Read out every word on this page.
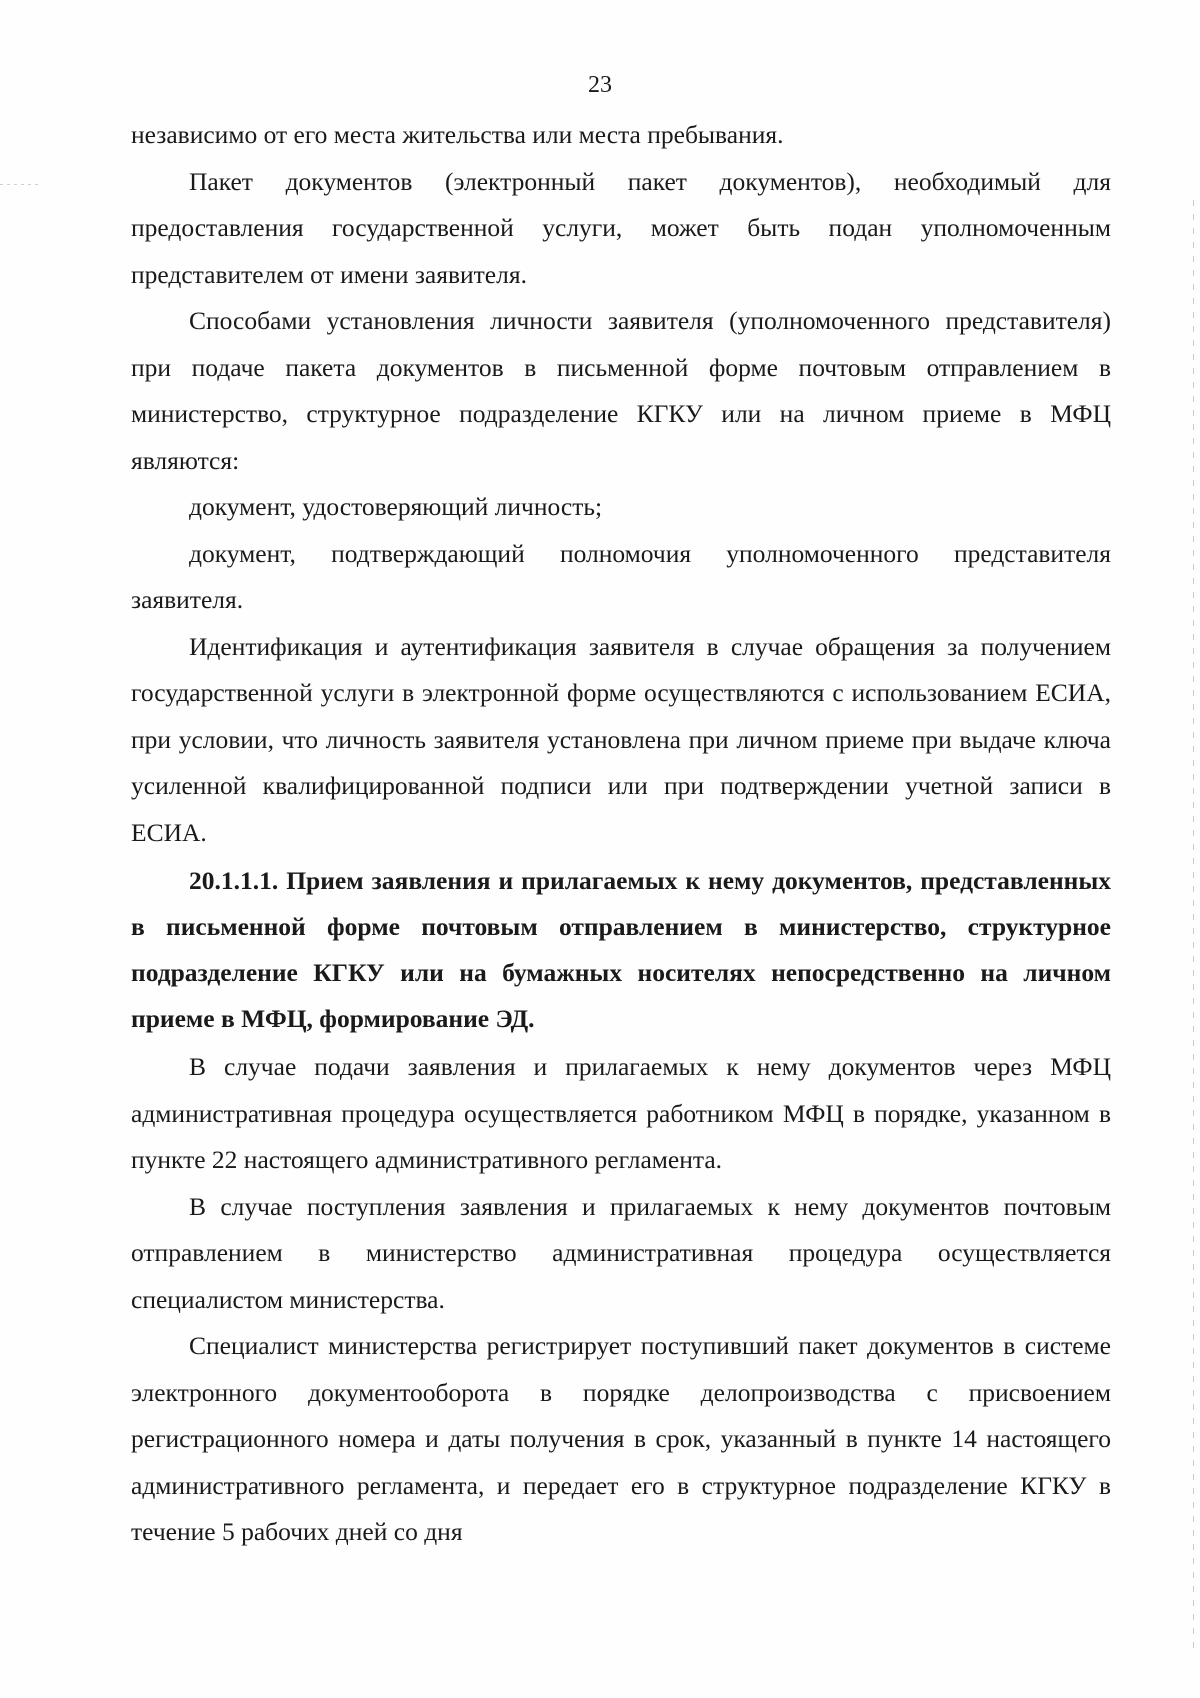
23

независимо от его места жительства или места пребывания.

Пакет документов (электронный пакет документов), необходимый для предоставления государственной услуги, может быть подан уполномоченным представителем от имени заявителя.

Способами установления личности заявителя (уполномоченного представителя) при подаче пакета документов в письменной форме почтовым отправлением в министерство, структурное подразделение КГКУ или на личном приеме в МФЦ являются:

документ, удостоверяющий личность;

документ, подтверждающий полномочия уполномоченного представителя заявителя.

Идентификация и аутентификация заявителя в случае обращения за получением государственной услуги в электронной форме осуществляются с использованием ЕСИА, при условии, что личность заявителя установлена при личном приеме при выдаче ключа усиленной квалифицированной подписи или при подтверждении учетной записи в ЕСИА.

20.1.1.1. Прием заявления и прилагаемых к нему документов, представленных в письменной форме почтовым отправлением в министерство, структурное подразделение КГКУ или на бумажных носителях непосредственно на личном приеме в МФЦ, формирование ЭД.

В случае подачи заявления и прилагаемых к нему документов через МФЦ административная процедура осуществляется работником МФЦ в порядке, указанном в пункте 22 настоящего административного регламента.

В случае поступления заявления и прилагаемых к нему документов почтовым отправлением в министерство административная процедура осуществляется специалистом министерства.

Специалист министерства регистрирует поступивший пакет документов в системе электронного документооборота в порядке делопроизводства с присвоением регистрационного номера и даты получения в срок, указанный в пункте 14 настоящего административного регламента, и передает его в структурное подразделение КГКУ в течение 5 рабочих дней со дня
